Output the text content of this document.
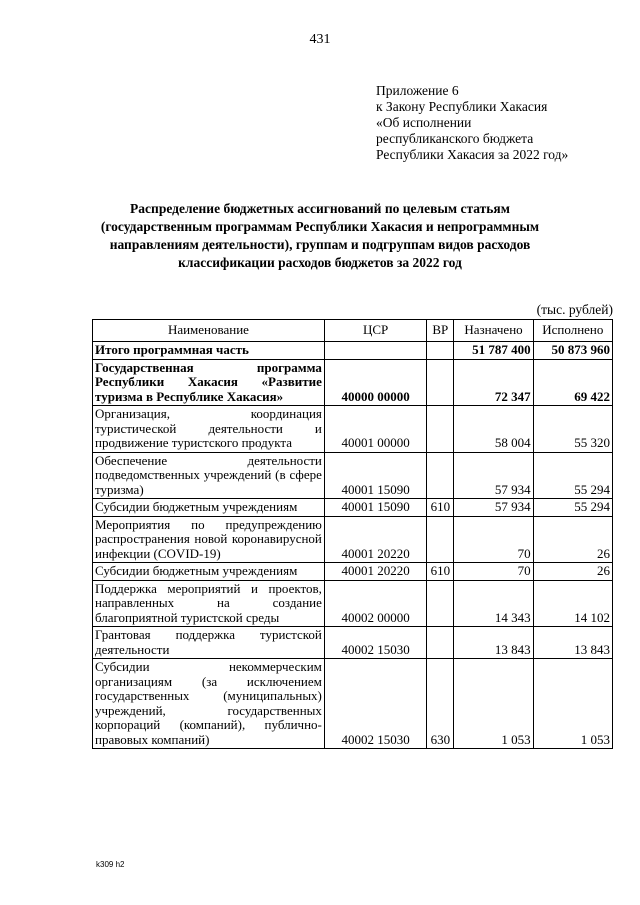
431
Приложение 6
к Закону Республики Хакасия
«Об исполнении
республиканского бюджета
Республики Хакасия за 2022 год»
Распределение бюджетных ассигнований по целевым статьям
(государственным программам Республики Хакасия и непрограммным
направлениям деятельности), группам и подгруппам видов расходов
классификации расходов бюджетов за 2022 год
(тыс. рублей)
Наименование	ЦСР	ВР	Назначено	Исполнено
Итого программная часть			51 787 400	50 873 960
Государственная программа Республики Хакасия «Развитие туризма в Республике Хакасия»	40000 00000		72 347	69 422
Организация, координация туристической деятельности и продвижение туристского продукта	40001 00000		58 004	55 320
Обеспечение деятельности подведомственных учреждений (в сфере туризма)	40001 15090		57 934	55 294
Субсидии бюджетным учреждениям	40001 15090	610	57 934	55 294
Мероприятия по предупреждению распространения новой коронавирусной инфекции (COVID-19)	40001 20220		70	26
Субсидии бюджетным учреждениям	40001 20220	610	70	26
Поддержка мероприятий и проектов, направленных на создание благоприятной туристской среды	40002 00000		14 343	14 102
Грантовая поддержка туристской деятельности	40002 15030		13 843	13 843
Субсидии некоммерческим организациям (за исключением государственных (муниципальных) учреждений, государственных корпораций (компаний), публично-правовых компаний)	40002 15030	630	1 053	1 053
k309 h2
